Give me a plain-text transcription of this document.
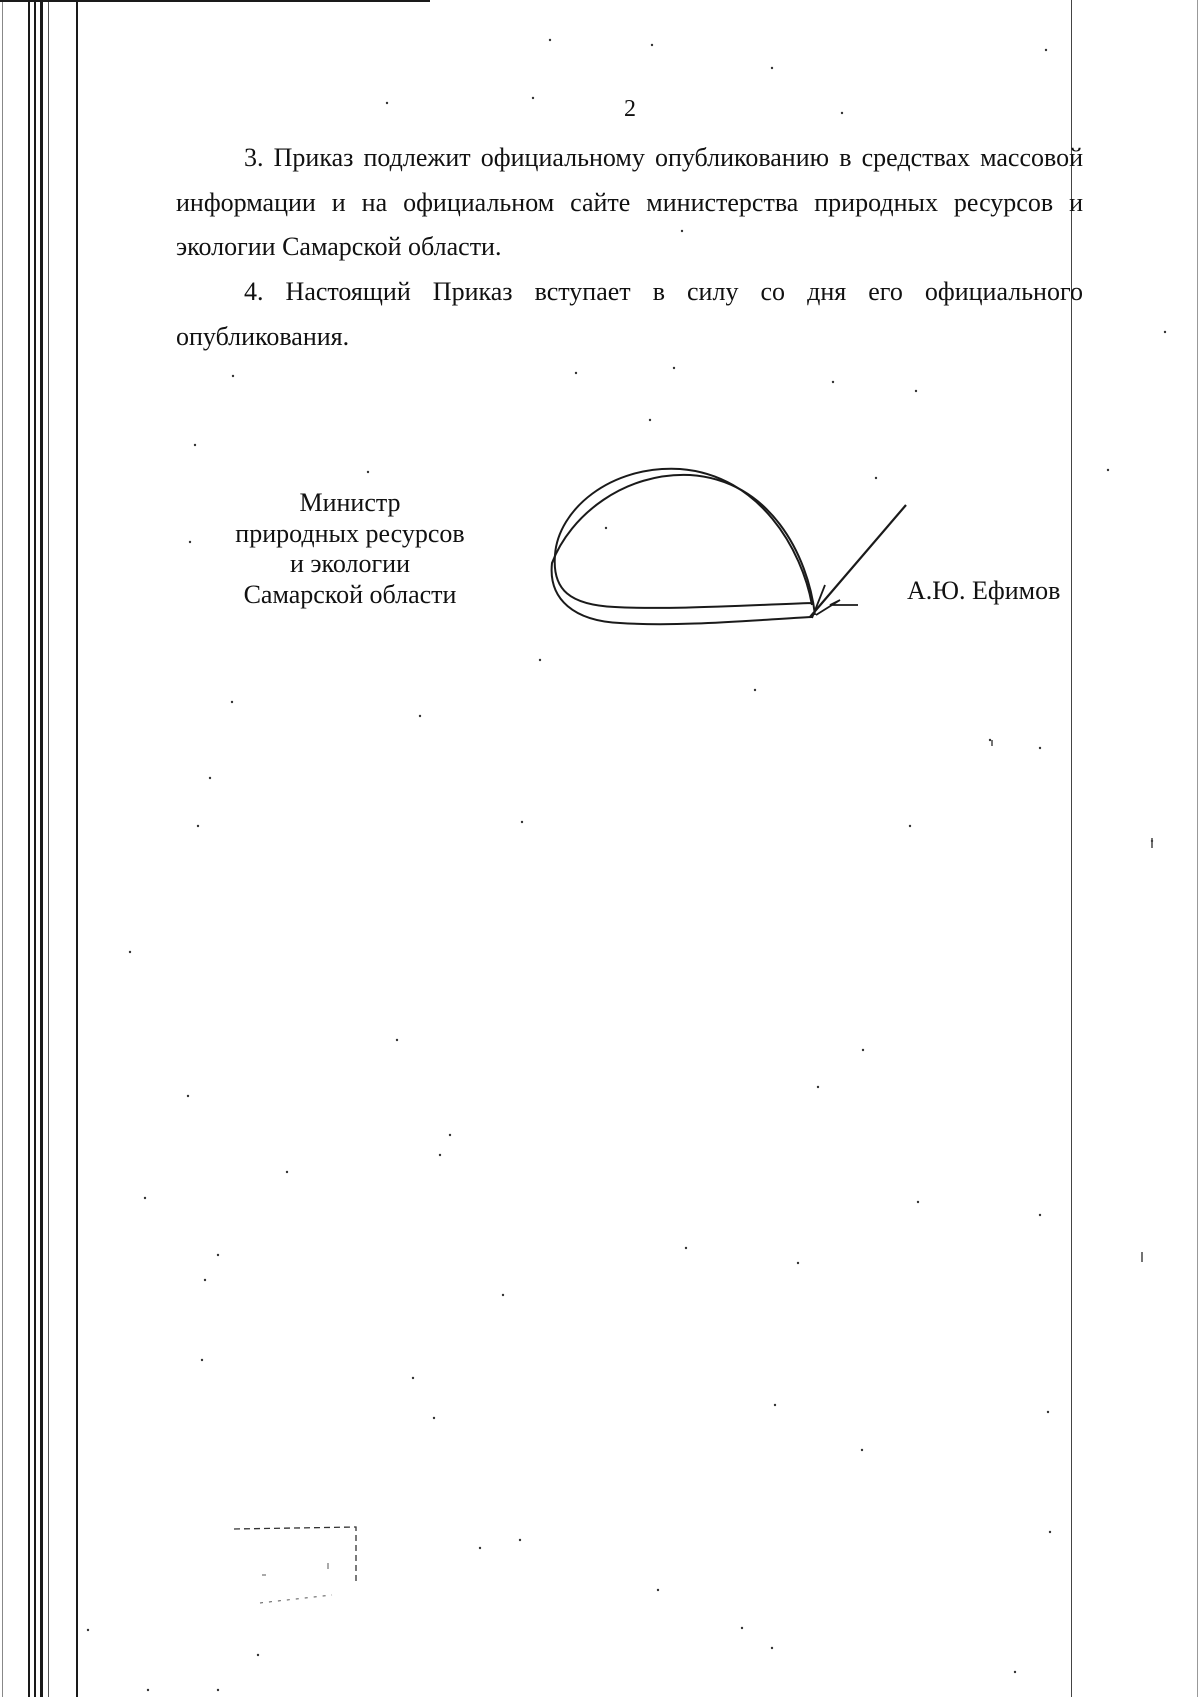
2

3. Приказ подлежит официальному опубликованию в средствах массовой информации и на официальном сайте министерства природных ресурсов и экологии Самарской области.

4. Настоящий Приказ вступает в силу со дня его официального опубликования.

Министр
природных ресурсов
и экологии
Самарской области	А.Ю. Ефимов
